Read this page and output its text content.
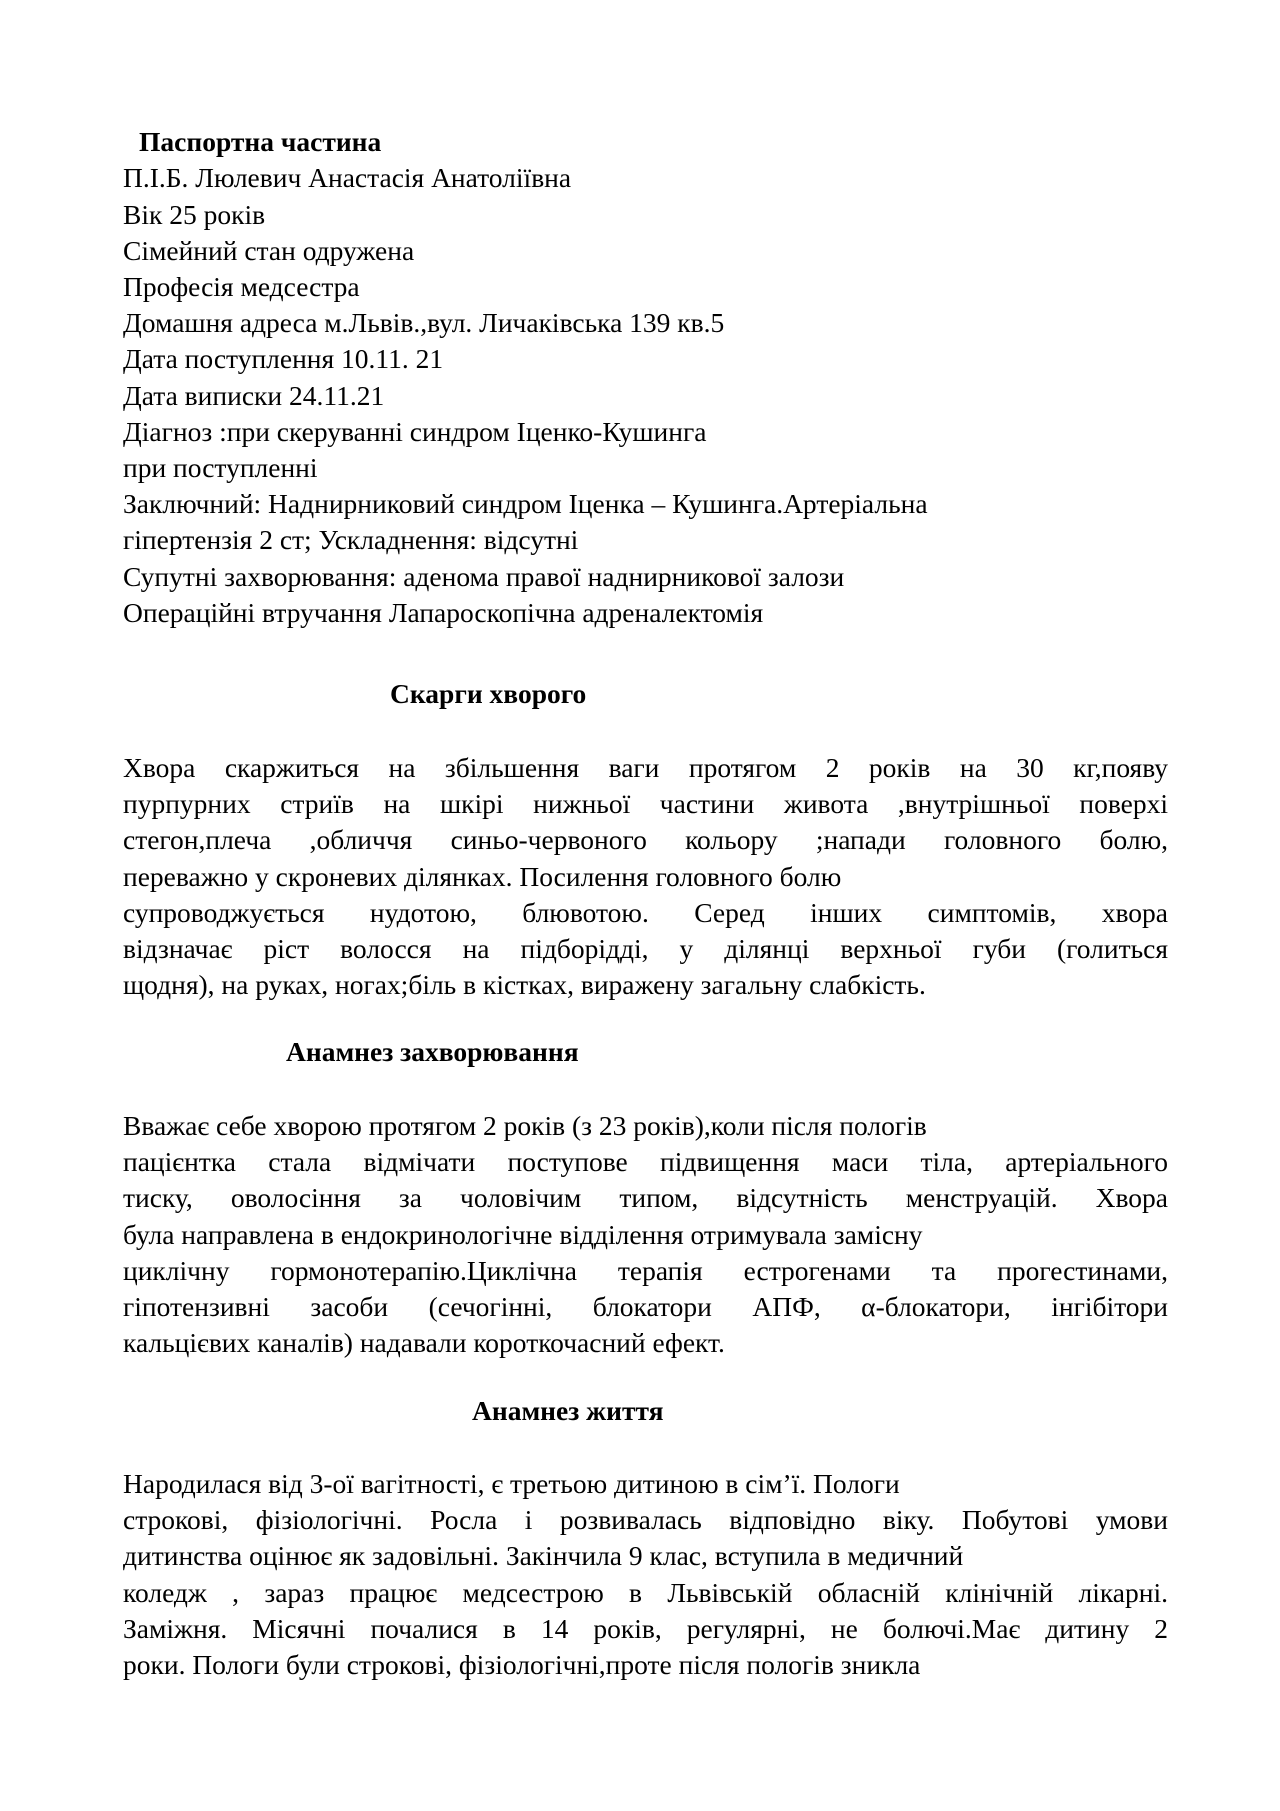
Паспортна частина
П.І.Б. Люлевич Анастасія Анатоліївна
Вік 25 років
Сімейний стан одружена
Професія медсестра
Домашня адреса м.Львів.,вул. Личаківська 139 кв.5
Дата поступлення 10.11. 21
Дата виписки 24.11.21
Діагноз :при скеруванні синдром Іценко-Кушинга
при поступленні
Заключний: Наднирниковий синдром Іценка – Кушинга.Артеріальна
гіпертензія 2 ст; Ускладнення: відсутні
Супутні захворювання: аденома правої наднирникової залози
Операційні втручання Лапароскопічна адреналектомія
Скарги хворого
Хвора скаржиться на збільшення ваги протягом 2 років на 30 кг,появу
пурпурних стриїв на шкірі нижньої частини живота ,внутрішньої поверхі
стегон,плеча ,обличчя синьо-червоного кольору ;напади головного болю,
переважно у скроневих ділянках. Посилення головного болю
супроводжується нудотою, блювотою. Серед інших симптомів, хвора
відзначає ріст волосся на підборідді, у ділянці верхньої губи (голиться
щодня), на руках, ногах;біль в кістках, виражену загальну слабкість.
Анамнез захворювання
Вважає себе хворою протягом 2 років (з 23 років),коли після пологів
пацієнтка стала відмічати поступове підвищення маси тіла, артеріального
тиску, оволосіння за чоловічим типом, відсутність менструацій. Хвора
була направлена в ендокринологічне відділення отримувала замісну
циклічну гормонотерапію.Циклічна терапія естрогенами та прогестинами,
гіпотензивні засоби (сечогінні, блокатори АПФ, α-блокатори, інгібітори
кальцієвих каналів) надавали короткочасний ефект.
Анамнез життя
Народилася від 3-ої вагітності, є третьою дитиною в сім’ї. Пологи
строкові, фізіологічні. Росла і розвивалась відповідно віку. Побутові умови
дитинства оцінює як задовільні. Закінчила 9 клас, вступила в медичний
коледж , зараз працює медсестрою в Львівській обласній клінічній лікарні.
Заміжня. Місячні почалися в 14 років, регулярні, не болючі.Має дитину 2
роки. Пологи були строкові, фізіологічні,проте після пологів зникла
